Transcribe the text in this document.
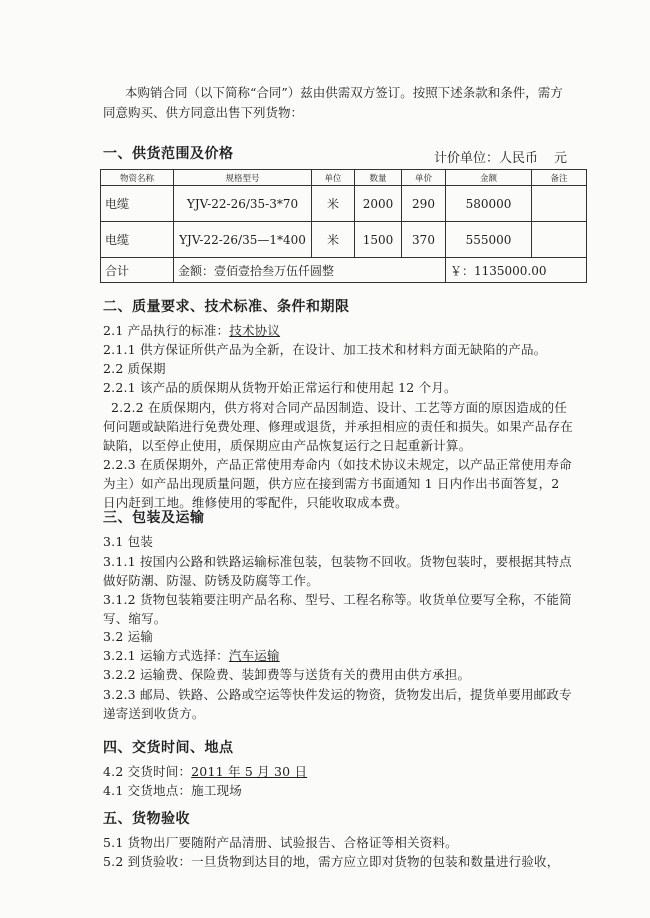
本购销合同（以下简称“合同”）兹由供需双方签订。按照下述条款和条件，需方同意购买、供方同意出售下列货物：
一、供货范围及价格	计价单位：人民币 元
物资名称	规格型号	单位	数量	单价	金额	备注
电缆	YJV-22-26/35-3*70	米	2000	290	580000	
电缆	YJV-22-26/35—1*400	米	1500	370	555000	
合计	金额：壹佰壹拾叁万伍仟圆整				￥：1135000.00	
二、质量要求、技术标准、条件和期限
2.1 产品执行的标准：技术协议
2.1.1 供方保证所供产品为全新，在设计、加工技术和材料方面无缺陷的产品。
2.2 质保期
2.2.1 该产品的质保期从货物开始正常运行和使用起 12 个月。
2.2.2 在质保期内，供方将对合同产品因制造、设计、工艺等方面的原因造成的任何问题或缺陷进行免费处理、修理或退货，并承担相应的责任和损失。如果产品存在缺陷，以至停止使用，质保期应由产品恢复运行之日起重新计算。
2.2.3 在质保期外，产品正常使用寿命内（如技术协议未规定，以产品正常使用寿命为主）如产品出现质量问题，供方应在接到需方书面通知 1 日内作出书面答复，2 日内赶到工地。维修使用的零配件，只能收取成本费。
三、包装及运输
3.1 包装
3.1.1 按国内公路和铁路运输标准包装，包装物不回收。货物包装时，要根据其特点做好防潮、防湿、防锈及防腐等工作。
3.1.2 货物包装箱要注明产品名称、型号、工程名称等。收货单位要写全称，不能简写、缩写。
3.2 运输
3.2.1 运输方式选择：汽车运输
3.2.2 运输费、保险费、装卸费等与送货有关的费用由供方承担。
3.2.3 邮局、铁路、公路或空运等快件发运的物资，货物发出后，提货单要用邮政专递寄送到收货方。
四、交货时间、地点
4.2 交货时间：2011 年 5 月 30 日
4.1 交货地点：施工现场
五、货物验收
5.1 货物出厂要随附产品清册、试验报告、合格证等相关资料。
5.2 到货验收：一旦货物到达目的地，需方应立即对货物的包装和数量进行验收，
